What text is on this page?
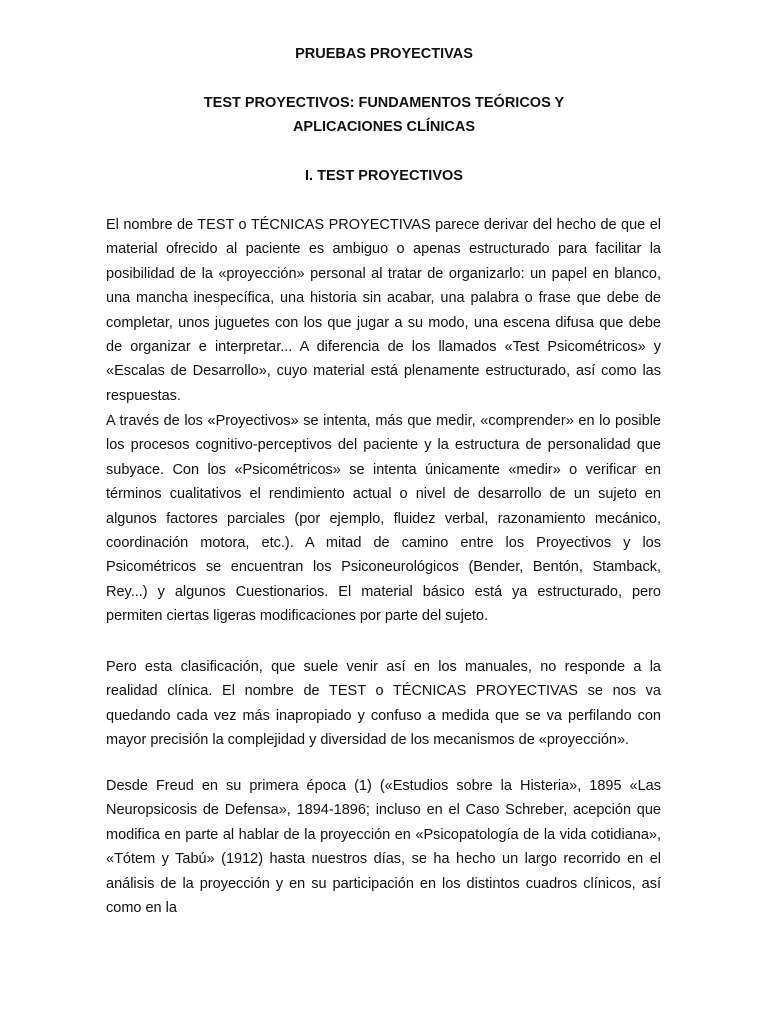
PRUEBAS PROYECTIVAS
TEST PROYECTIVOS: FUNDAMENTOS TEÓRICOS Y APLICACIONES CLÍNICAS
I. TEST PROYECTIVOS

El nombre de TEST o TÉCNICAS PROYECTIVAS parece derivar del hecho de que el material ofrecido al paciente es ambiguo o apenas estructurado para facilitar la posibilidad de la «proyección» personal al tratar de organizarlo: un papel en blanco, una mancha inespecífica, una historia sin acabar, una palabra o frase que debe de completar, unos juguetes con los que jugar a su modo, una escena difusa que debe de organizar e interpretar... A diferencia de los llamados «Test Psicométricos» y «Escalas de Desarrollo», cuyo material está plenamente estructurado, así como las respuestas.

A través de los «Proyectivos» se intenta, más que medir, «comprender» en lo posible los procesos cognitivo-perceptivos del paciente y la estructura de personalidad que subyace. Con los «Psicométricos» se intenta únicamente «medir» o verificar en términos cualitativos el rendimiento actual o nivel de desarrollo de un sujeto en algunos factores parciales (por ejemplo, fluidez verbal, razonamiento mecánico, coordinación motora, etc.). A mitad de camino entre los Proyectivos y los Psicométricos se encuentran los Psiconeurológicos (Bender, Bentón, Stamback, Rey...) y algunos Cuestionarios. El material básico está ya estructurado, pero permiten ciertas ligeras modificaciones por parte del sujeto.

Pero esta clasificación, que suele venir así en los manuales, no responde a la realidad clínica. El nombre de TEST o TÉCNICAS PROYECTIVAS se nos va quedando cada vez más inapropiado y confuso a medida que se va perfilando con mayor precisión la complejidad y diversidad de los mecanismos de «proyección».

Desde Freud en su primera época (1) («Estudios sobre la Histeria», 1895 «Las Neuropsicosis de Defensa», 1894-1896; incluso en el Caso Schreber, acepción que modifica en parte al hablar de la proyección en «Psicopatología de la vida cotidiana», «Tótem y Tabú» (1912) hasta nuestros días, se ha hecho un largo recorrido en el análisis de la proyección y en su participación en los distintos cuadros clínicos, así como en la
